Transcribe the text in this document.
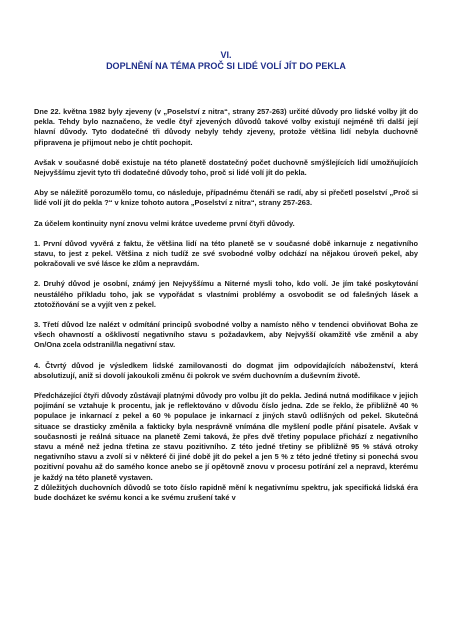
VI.
DOPLNĚNÍ NA TÉMA PROČ SI LIDÉ VOLÍ JÍT DO PEKLA

Dne 22. května 1982 byly zjeveny (v „Poselství z nitra“, strany 257-263) určité důvody pro lidské volby jít do pekla. Tehdy bylo naznačeno, že vedle čtyř zjevených důvodů takové volby existují nejméně tři další její hlavní důvody. Tyto dodatečné tři důvody nebyly tehdy zjeveny, protože většina lidí nebyla duchovně připravena je přijmout nebo je chtít pochopit.

Avšak v současné době existuje na této planetě dostatečný počet duchovně smýšlejících lidí umožňujících Nejvyššímu zjevit tyto tři dodatečné důvody toho, proč si lidé volí jít do pekla.

Aby se náležitě porozumělo tomu, co následuje, případnému čtenáři se radí, aby si přečetl poselství „Proč si lidé volí jít do pekla ?“ v knize tohoto autora „Poselství z nitra“, strany 257-263.

Za účelem kontinuity nyní znovu velmi krátce uvedeme první čtyři důvody.

1. První důvod vyvěrá z faktu, že většina lidí na této planetě se v současné době inkarnuje z negativního stavu, to jest z pekel. Většina z nich tudíž ze své svobodné volby odchází na nějakou úroveň pekel, aby pokračovali ve své lásce ke zlům a nepravdám.

2. Druhý důvod je osobní, známý jen Nejvyššímu a Niterné mysli toho, kdo volí. Je jím také poskytování neustálého příkladu toho, jak se vypořádat s vlastními problémy a osvobodit se od falešných lásek a ztotožňování se a vyjít ven z pekel.

3. Třetí důvod lze nalézt v odmítání principů svobodné volby a namísto něho v tendenci obviňovat Boha ze všech ohavností a ošklivostí negativního stavu s požadavkem, aby Nejvyšší okamžitě vše změnil a aby On/Ona zcela odstranil/la negativní stav.

4. Čtvrtý důvod je výsledkem lidské zamilovanosti do dogmat jim odpovídajících náboženství, která absolutizují, aniž si dovolí jakoukoli změnu či pokrok ve svém duchovním a duševním životě.

Předcházející čtyři důvody zůstávají platnými důvody pro volbu jít do pekla. Jediná nutná modifikace v jejich pojímání se vztahuje k procentu, jak je reflektováno v důvodu číslo jedna. Zde se řeklo, že přibližně 40 % populace je inkarnací z pekel a 60 % populace je inkarnací z jiných stavů odlišných od pekel. Skutečná situace se drasticky změnila a fakticky byla nesprávně vnímána dle myšlení podle přání pisatele. Avšak v současnosti je reálná situace na planetě Zemi taková, že přes dvě třetiny populace přichází z negativního stavu a méně než jedna třetina ze stavu pozitivního. Z této jedné třetiny se přibližně 95 % stává otroky negativního stavu a zvolí si v některé či jiné době jít do pekel a jen 5 % z této jedné třetiny si ponechá svou pozitivní povahu až do samého konce anebo se jí opětovně znovu v procesu potírání zel a nepravd, kterému je každý na této planetě vystaven.

Z důležitých duchovních důvodů se toto číslo rapidně mění k negativnímu spektru, jak specifická lidská éra bude docházet ke svému konci a ke svému zrušení také v
